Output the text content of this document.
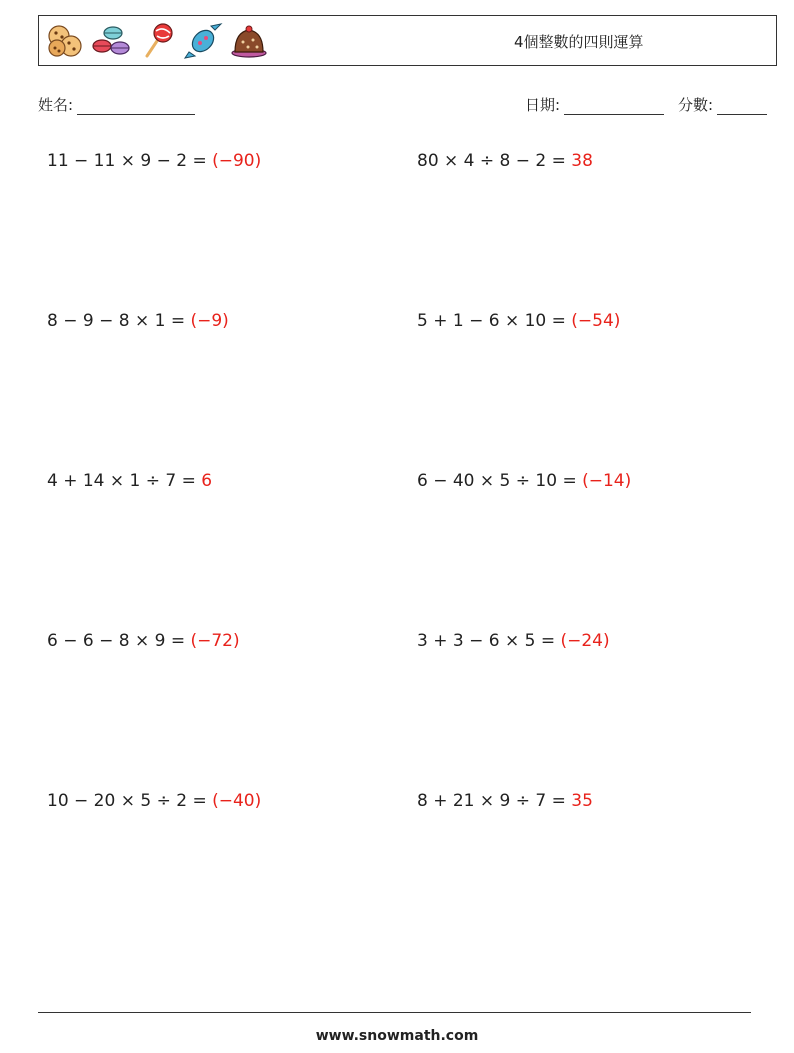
4個整數的四則運算
姓名:	日期:	分數:
11 − 11 × 9 − 2 = (−90)	80 × 4 ÷ 8 − 2 = 38
8 − 9 − 8 × 1 = (−9)	5 + 1 − 6 × 10 = (−54)
4 + 14 × 1 ÷ 7 = 6	6 − 40 × 5 ÷ 10 = (−14)
6 − 6 − 8 × 9 = (−72)	3 + 3 − 6 × 5 = (−24)
10 − 20 × 5 ÷ 2 = (−40)	8 + 21 × 9 ÷ 7 = 35
www.snowmath.com
